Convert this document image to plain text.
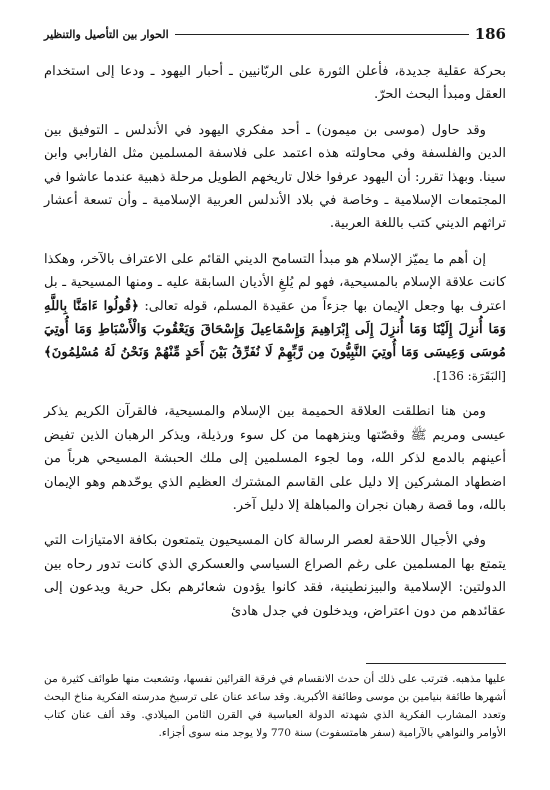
186
الحوار بين التأصيل والتنظير

بحركة عقلية جديدة، فأعلن الثورة على الربّانيين ـ أحبار اليهود ـ ودعا إلى استخدام العقل ومبدأ البحث الحرّ.

وقد حاول (موسى بن ميمون) ـ أحد مفكري اليهود في الأندلس ـ التوفيق بين الدين والفلسفة وفي محاولته هذه اعتمد على فلاسفة المسلمين مثل الفارابي وابن سينا. وبهذا تقرر: أن اليهود عرفوا خلال تاريخهم الطويل مرحلة ذهبية عندما عاشوا في المجتمعات الإسلامية ـ وخاصة في بلاد الأندلس العربية الإسلامية ـ وأن تسعة أعشار تراثهم الديني كتب باللغة العربية.

إن أهم ما يميّز الإسلام هو مبدأ التسامح الديني القائم على الاعتراف بالآخر، وهكذا كانت علاقة الإسلام بالمسيحية، فهو لم يُلغِ الأديان السابقة عليه ـ ومنها المسيحية ـ بل اعترف بها وجعل الإيمان بها جزءاً من عقيدة المسلم، قوله تعالى: ﴿قُولُوا ءَامَنَّا بِاللَّهِ وَمَا أُنزِلَ إِلَيْنَا وَمَا أُنزِلَ إِلَى إِبْرَاهِيمَ وَإِسْمَاعِيلَ وَإِسْحَاقَ وَيَعْقُوبَ وَالْأَسْبَاطِ وَمَا أُوتِيَ مُوسَى وَعِيسَى وَمَا أُوتِيَ النَّبِيُّونَ مِن رَّبِّهِمْ لَا نُفَرِّقُ بَيْنَ أَحَدٍ مِّنْهُمْ وَنَحْنُ لَهُ مُسْلِمُونَ﴾ [البَقَرَة: 136].

ومن هنا انطلقت العلاقة الحميمة بين الإسلام والمسيحية، فالقرآن الكريم يذكر عيسى ومريم ﷺ وقصّتها وينزههما من كل سوء ورذيلة، ويذكر الرهبان الذين تفيض أعينهم بالدمع لذكر الله، وما لجوء المسلمين إلى ملك الحبشة المسيحي هرباً من اضطهاد المشركين إلا دليل على القاسم المشترك العظيم الذي يوحّدهم وهو الإيمان بالله، وما قصة رهبان نجران والمباهلة إلا دليل آخر.

وفي الأجيال اللاحقة لعصر الرسالة كان المسيحيون يتمتعون بكافة الامتيازات التي يتمتع بها المسلمين على رغم الصراع السياسي والعسكري الذي كانت تدور رحاه بين الدولتين: الإسلامية والبيزنطينية، فقد كانوا يؤدون شعائرهم بكل حرية ويدعون إلى عقائدهم من دون اعتراض، ويدخلون في جدل هادئ

عليها مذهبه. فترتب على ذلك أن حدث الانقسام في فرقة القرائين نفسها، وتشعبت منها طوائف كثيرة من أشهرها طائفة بنيامين بن موسى وطائفة الأكبرية. وقد ساعد عنان على ترسيخ مدرسته الفكرية مناخ البحث وتعدد المشارب الفكرية الذي شهدته الدولة العباسية في القرن الثامن الميلادي. وقد ألف عنان كتاب الأوامر والنواهي بالآرامية (سفر هامتسفوت) سنة 770 ولا يوجد منه سوى أجزاء.
